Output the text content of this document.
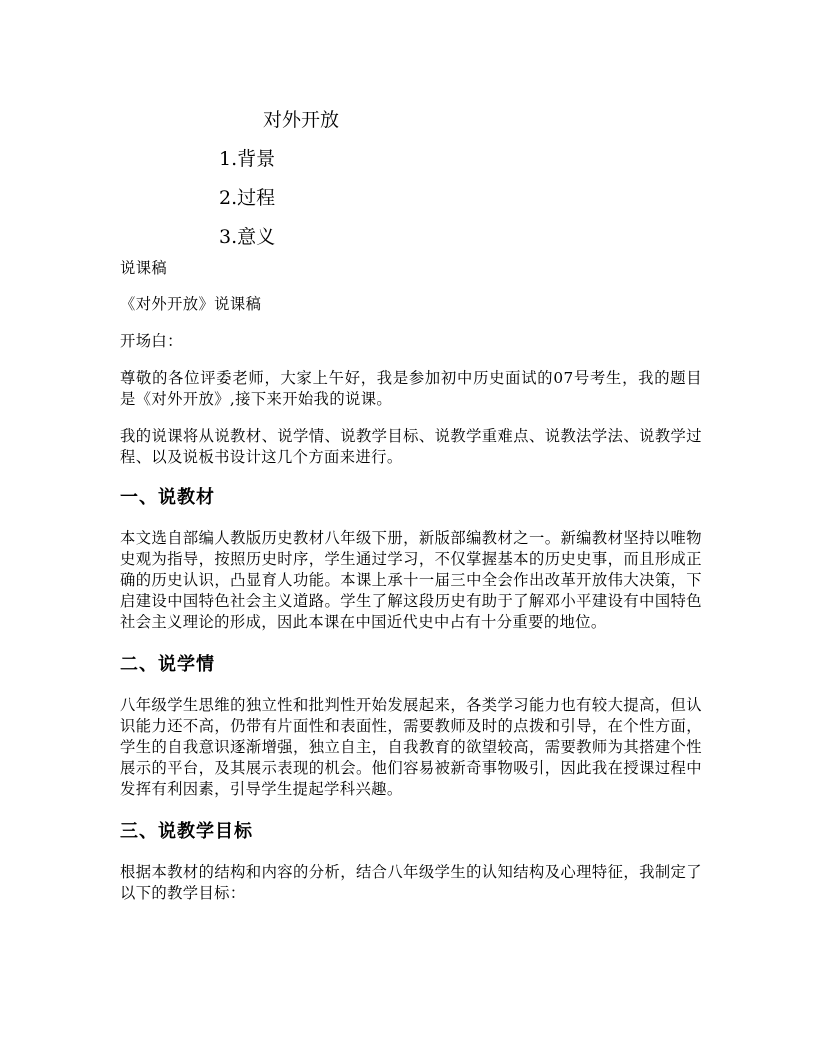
对外开放
1.背景
2.过程
3.意义
说课稿
《对外开放》说课稿
开场白：
尊敬的各位评委老师，大家上午好，我是参加初中历史面试的07号考生，我的题目是《对外开放》,接下来开始我的说课。
我的说课将从说教材、说学情、说教学目标、说教学重难点、说教法学法、说教学过程、以及说板书设计这几个方面来进行。
一、说教材
本文选自部编人教版历史教材八年级下册，新版部编教材之一。新编教材坚持以唯物史观为指导，按照历史时序，学生通过学习，不仅掌握基本的历史史事，而且形成正确的历史认识，凸显育人功能。本课上承十一届三中全会作出改革开放伟大决策，下启建设中国特色社会主义道路。学生了解这段历史有助于了解邓小平建设有中国特色社会主义理论的形成，因此本课在中国近代史中占有十分重要的地位。
二、说学情
八年级学生思维的独立性和批判性开始发展起来，各类学习能力也有较大提高，但认识能力还不高，仍带有片面性和表面性，需要教师及时的点拨和引导，在个性方面，学生的自我意识逐渐增强，独立自主，自我教育的欲望较高，需要教师为其搭建个性展示的平台，及其展示表现的机会。他们容易被新奇事物吸引，因此我在授课过程中发挥有利因素，引导学生提起学科兴趣。
三、说教学目标
根据本教材的结构和内容的分析，结合八年级学生的认知结构及心理特征，我制定了以下的教学目标：
